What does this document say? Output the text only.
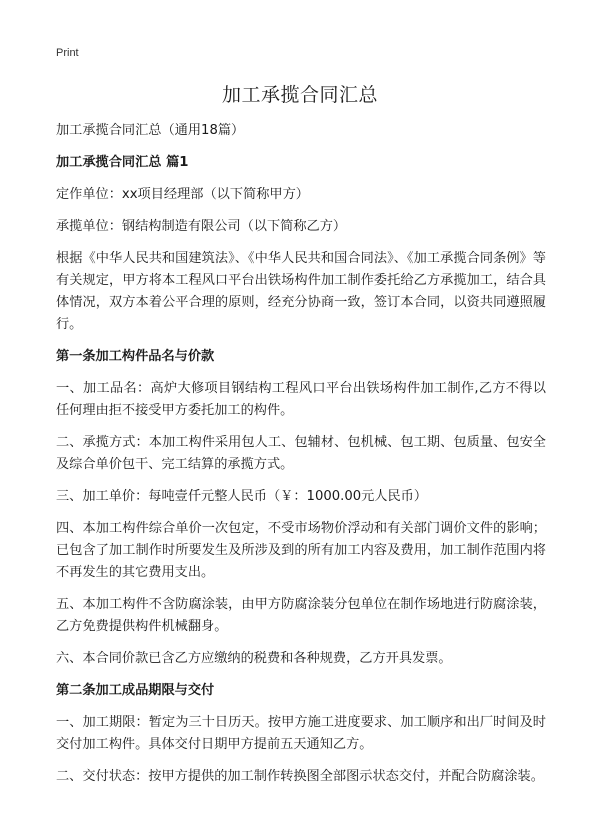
Print
加工承揽合同汇总

加工承揽合同汇总（通用18篇）

加工承揽合同汇总 篇1

定作单位：xx项目经理部（以下简称甲方）

承揽单位：钢结构制造有限公司（以下简称乙方）

根据《中华人民共和国建筑法》、《中华人民共和国合同法》、《加工承揽合同条例》等有关规定，甲方将本工程风口平台出铁场构件加工制作委托给乙方承揽加工，结合具体情况，双方本着公平合理的原则，经充分协商一致，签订本合同，以资共同遵照履行。

第一条加工构件品名与价款

一、加工品名：高炉大修项目钢结构工程风口平台出铁场构件加工制作,乙方不得以任何理由拒不接受甲方委托加工的构件。

二、承揽方式：本加工构件采用包人工、包辅材、包机械、包工期、包质量、包安全及综合单价包干、完工结算的承揽方式。

三、加工单价：每吨壹仟元整人民币（￥：1000.00元人民币）

四、本加工构件综合单价一次包定，不受市场物价浮动和有关部门调价文件的影响；已包含了加工制作时所要发生及所涉及到的所有加工内容及费用，加工制作范围内将不再发生的其它费用支出。

五、本加工构件不含防腐涂装，由甲方防腐涂装分包单位在制作场地进行防腐涂装，乙方免费提供构件机械翻身。

六、本合同价款已含乙方应缴纳的税费和各种规费，乙方开具发票。

第二条加工成品期限与交付

一、加工期限：暂定为三十日历天。按甲方施工进度要求、加工顺序和出厂时间及时交付加工构件。具体交付日期甲方提前五天通知乙方。

二、交付状态：按甲方提供的加工制作转换图全部图示状态交付，并配合防腐涂装。
